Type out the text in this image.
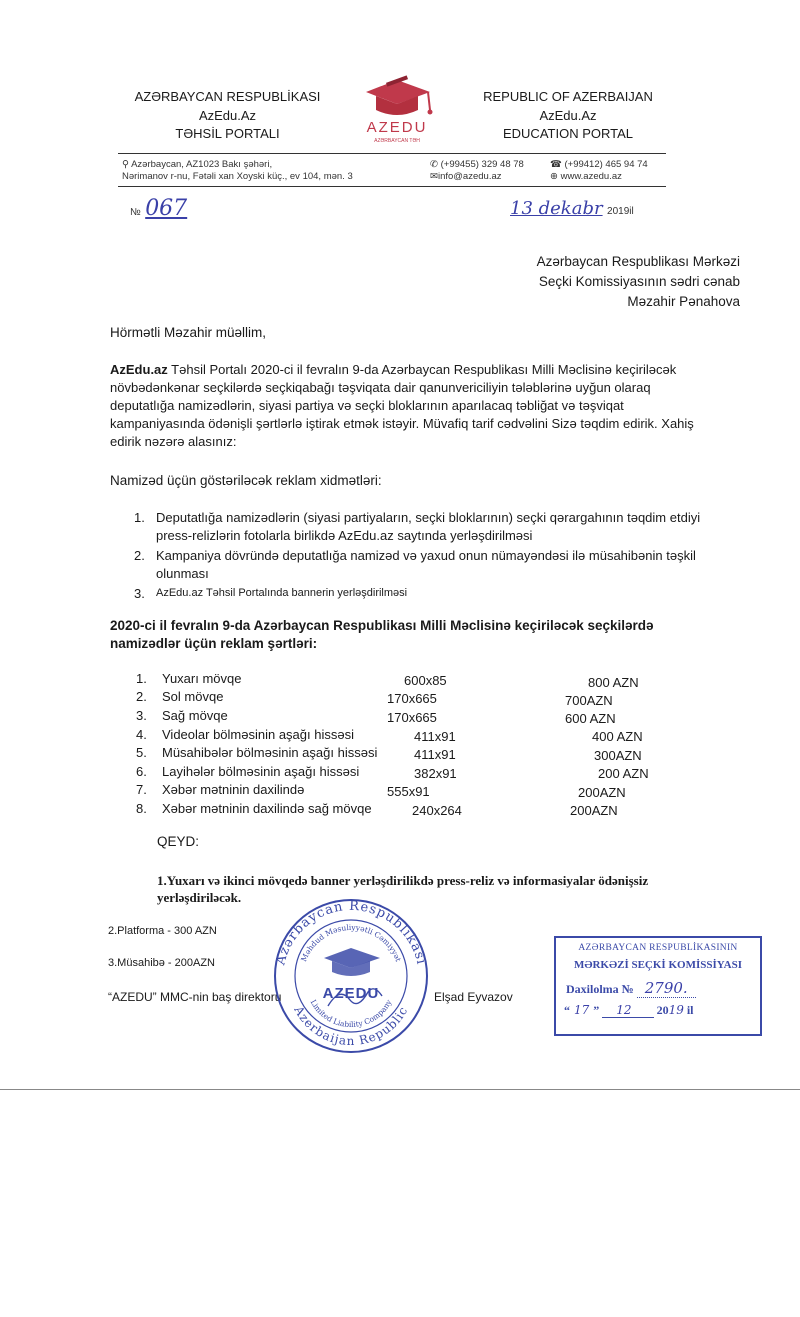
AZƏRBAYCAN RESPUBLİKASI
AzEdu.Az
TƏHSİL PORTALI	AZEDU
AZƏRBAYCAN TƏH
REPUBLIC OF AZERBAIJAN
AzEdu.Az
EDUCATION PORTAL
⚲ Azərbaycan, AZ1023 Bakı şəhəri,
Nərimanov r-nu, Fətəli xan Xoyski küç., ev 104, mən. 3
✆ (+99455) 329 48 78
✉info@azedu.az
☎ (+99412) 465 94 74
⊕ www.azedu.az
№ 067	13 dekabr 2019il
Azərbaycan Respublikası Mərkəzi
Seçki Komissiyasının sədri cənab
Məzahir Pənahova
Hörmətli Məzahir müəllim,
AzEdu.az Təhsil Portalı 2020-ci il fevralın 9-da Azərbaycan Respublikası Milli Məclisinə keçiriləcək növbədənkənar seçkilərdə seçkiqabağı təşviqata dair qanunvericiliyin tələblərinə uyğun olaraq deputatlığa namizədlərin, siyasi partiya və seçki bloklarının aparılacaq təbliğat və təşviqat kampaniyasında ödənişli şərtlərlə iştirak etmək istəyir. Müvafiq tarif cədvəlini Sizə təqdim edirik. Xahiş edirik nəzərə alasınız:
Namizəd üçün göstəriləcək reklam xidmətləri:
1. Deputatlığa namizədlərin (siyasi partiyaların, seçki bloklarının) seçki qərargahının təqdim etdiyi press-relizlərin fotolarla birlikdə AzEdu.az saytında yerləşdirilməsi
2. Kampaniya dövründə deputatlığa namizəd və yaxud onun nümayəndəsi ilə müsahibənin təşkil olunması
3. AzEdu.az Təhsil Portalında bannerin yerləşdirilməsi
2020-ci il fevralın 9-da Azərbaycan Respublikası Milli Məclisinə keçiriləcək seçkilərdə namizədlər üçün reklam şərtləri:
1. Yuxarı mövqe	600x85	800 AZN
2. Sol mövqe	170x665	700AZN
3. Sağ mövqe	170x665	600 AZN
4. Videolar bölməsinin aşağı hissəsi	411x91	400 AZN
5. Müsahibələr bölməsinin aşağı hissəsi	411x91	300AZN
6. Layihələr bölməsinin aşağı hissəsi	382x91	200 AZN
7. Xəbər mətninin daxilində	555x91	200AZN
8. Xəbər mətninin daxilində sağ mövqe	240x264	200AZN
QEYD:
1.Yuxarı və ikinci mövqedə banner yerləşdirilikdə press-reliz və informasiyalar ödənişsiz yerləşdiriləcək.
2.Platforma - 300 AZN
3.Müsahibə - 200AZN
“AZEDU” MMC-nin baş direktoru	Elşad Eyvazov
Azərbaycan Respublikası
Azerbaijan Republic
Məhdud Məsuliyyətli Cəmiyyət
Limited Liability Company
AZEDU
AZƏRBAYCAN RESPUBLİKASININ
MƏRKƏZİ SEÇKİ KOMİSSİYASI
Daxilolma № 2790.
“ 17 ” 12 2019 il
